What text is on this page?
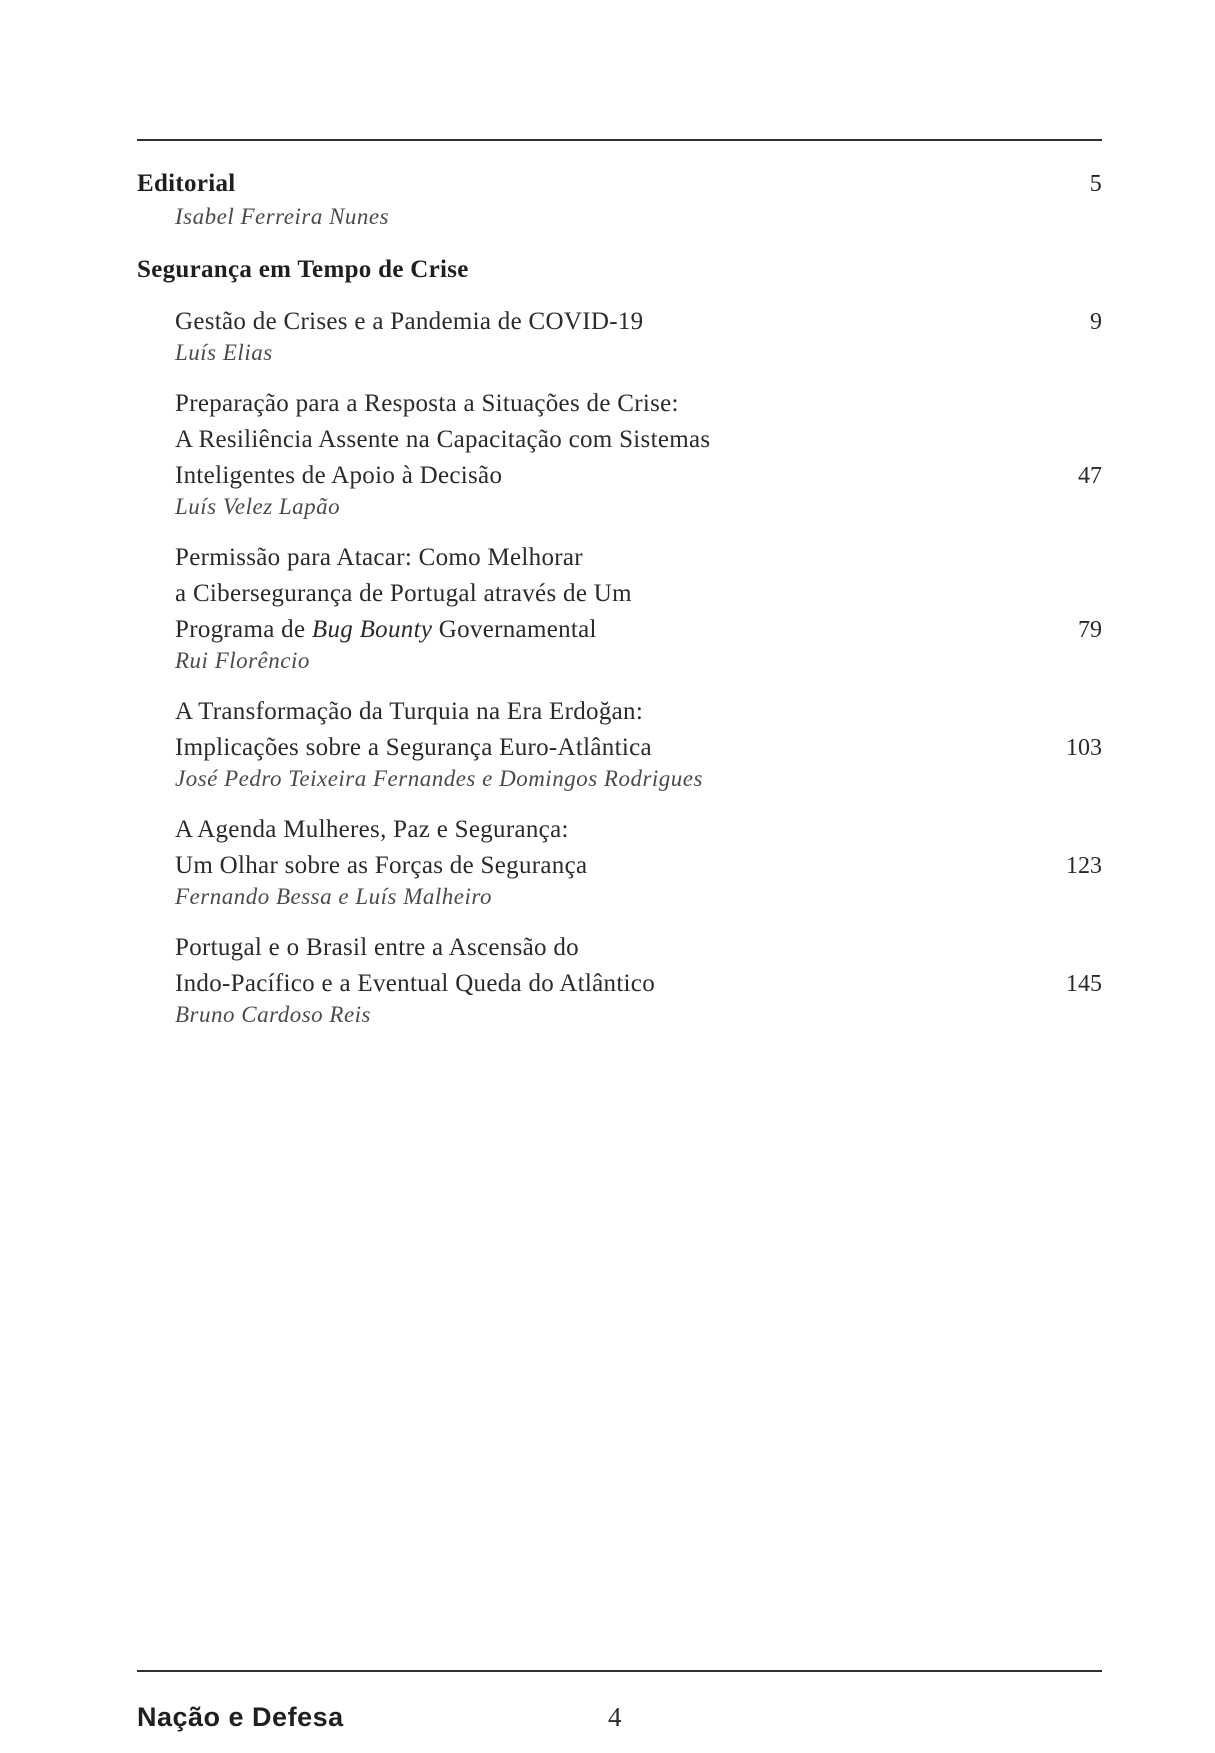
Editorial	5
Isabel Ferreira Nunes
Segurança em Tempo de Crise
Gestão de Crises e a Pandemia de COVID-19	9
Luís Elias
Preparação para a Resposta a Situações de Crise:
A Resiliência Assente na Capacitação com Sistemas
Inteligentes de Apoio à Decisão	47
Luís Velez Lapão
Permissão para Atacar: Como Melhorar
a Cibersegurança de Portugal através de Um
Programa de Bug Bounty Governamental	79
Rui Florêncio
A Transformação da Turquia na Era Erdoğan:
Implicações sobre a Segurança Euro-Atlântica	103
José Pedro Teixeira Fernandes e Domingos Rodrigues
A Agenda Mulheres, Paz e Segurança:
Um Olhar sobre as Forças de Segurança	123
Fernando Bessa e Luís Malheiro
Portugal e o Brasil entre a Ascensão do
Indo-Pacífico e a Eventual Queda do Atlântico	145
Bruno Cardoso Reis
Nação e Defesa	4
